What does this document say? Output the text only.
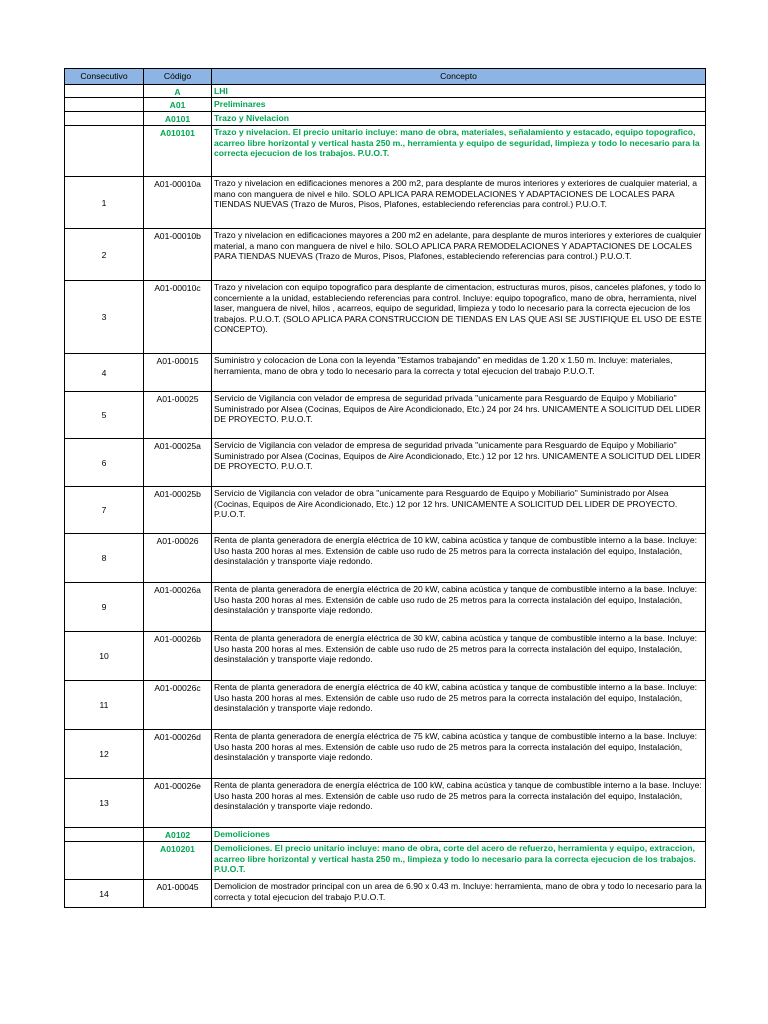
Consecutivo	Código	Concepto
	A	LHI
	A01	Preliminares
	A0101	Trazo y Nivelacion
	A010101	Trazo y nivelacion. El precio unitario incluye: mano de obra, materiales, señalamiento y estacado, equipo topografico, acarreo libre horizontal y vertical hasta 250 m., herramienta y equipo de seguridad, limpieza y todo lo necesario para la correcta ejecucion de los trabajos. P.U.O.T.
1	A01-00010a	Trazo y nivelacion en edificaciones menores a 200 m2, para desplante de muros interiores y exteriores de cualquier material, a mano con manguera de nivel e hilo. SOLO APLICA PARA REMODELACIONES Y ADAPTACIONES DE LOCALES PARA TIENDAS NUEVAS (Trazo de Muros, Pisos, Plafones, estableciendo referencias para control.) P.U.O.T.
2	A01-00010b	Trazo y nivelacion en edificaciones mayores a 200 m2 en adelante, para desplante de muros interiores y exteriores de cualquier material, a mano con manguera de nivel e hilo. SOLO APLICA PARA REMODELACIONES Y ADAPTACIONES DE LOCALES PARA TIENDAS NUEVAS (Trazo de Muros, Pisos, Plafones, estableciendo referencias para control.) P.U.O.T.
3	A01-00010c	Trazo y nivelacion con equipo topografico para desplante de cimentacion, estructuras muros, pisos, canceles plafones, y todo lo concerniente a la unidad, estableciendo referencias para control. Incluye: equipo topografico, mano de obra, herramienta, nivel laser, manguera de nivel, hilos , acarreos, equipo de seguridad, limpieza y todo lo necesario para la correcta ejecucion de los trabajos. P.U.O.T. (SOLO APLICA PARA CONSTRUCCION DE TIENDAS EN LAS QUE ASI SE JUSTIFIQUE EL USO DE ESTE CONCEPTO).
4	A01-00015	Suministro y colocacion de Lona con la leyenda "Estamos trabajando" en medidas de 1.20 x 1.50 m. Incluye: materiales, herramienta, mano de obra y todo lo necesario para la correcta y total ejecucion del trabajo P.U.O.T.
5	A01-00025	Servicio de Vigilancia con velador de empresa de seguridad privada "unicamente para Resguardo de Equipo y Mobiliario" Suministrado por Alsea (Cocinas, Equipos de Aire Acondicionado, Etc.) 24 por 24 hrs. UNICAMENTE A SOLICITUD DEL LIDER DE PROYECTO. P.U.O.T.
6	A01-00025a	Servicio de Vigilancia con velador de empresa de seguridad privada "unicamente para Resguardo de Equipo y Mobiliario" Suministrado por Alsea (Cocinas, Equipos de Aire Acondicionado, Etc.) 12 por 12 hrs. UNICAMENTE A SOLICITUD DEL LIDER DE PROYECTO. P.U.O.T.
7	A01-00025b	Servicio de Vigilancia con velador de obra "unicamente para Resguardo de Equipo y Mobiliario" Suministrado por Alsea (Cocinas, Equipos de Aire Acondicionado, Etc.) 12 por 12 hrs. UNICAMENTE A SOLICITUD DEL LIDER DE PROYECTO. P.U.O.T.
8	A01-00026	Renta de planta generadora de energía eléctrica de 10 kW, cabina acústica y tanque de combustible interno a la base. Incluye: Uso hasta 200 horas al mes. Extensión de cable uso rudo de 25 metros para la correcta instalación del equipo, Instalación, desinstalación y transporte viaje redondo.
9	A01-00026a	Renta de planta generadora de energía eléctrica de 20 kW, cabina acústica y tanque de combustible interno a la base. Incluye: Uso hasta 200 horas al mes. Extensión de cable uso rudo de 25 metros para la correcta instalación del equipo, Instalación, desinstalación y transporte viaje redondo.
10	A01-00026b	Renta de planta generadora de energía eléctrica de 30 kW, cabina acústica y tanque de combustible interno a la base. Incluye: Uso hasta 200 horas al mes. Extensión de cable uso rudo de 25 metros para la correcta instalación del equipo, Instalación, desinstalación y transporte viaje redondo.
11	A01-00026c	Renta de planta generadora de energía eléctrica de 40 kW, cabina acústica y tanque de combustible interno a la base. Incluye: Uso hasta 200 horas al mes. Extensión de cable uso rudo de 25 metros para la correcta instalación del equipo, Instalación, desinstalación y transporte viaje redondo.
12	A01-00026d	Renta de planta generadora de energía eléctrica de 75 kW, cabina acústica y tanque de combustible interno a la base. Incluye: Uso hasta 200 horas al mes. Extensión de cable uso rudo de 25 metros para la correcta instalación del equipo, Instalación, desinstalación y transporte viaje redondo.
13	A01-00026e	Renta de planta generadora de energía eléctrica de 100 kW, cabina acústica y tanque de combustible interno a la base. Incluye: Uso hasta 200 horas al mes. Extensión de cable uso rudo de 25 metros para la correcta instalación del equipo, Instalación, desinstalación y transporte viaje redondo.
	A0102	Demoliciones
	A010201	Demoliciones. El precio unitario incluye: mano de obra, corte del acero de refuerzo, herramienta y equipo, extraccion, acarreo libre horizontal y vertical hasta 250 m., limpieza y todo lo necesario para la correcta ejecucion de los trabajos. P.U.O.T.
14	A01-00045	Demolicion de mostrador principal con un area de 6.90 x 0.43 m. Incluye: herramienta, mano de obra y todo lo necesario para la correcta y total ejecucion del trabajo P.U.O.T.
